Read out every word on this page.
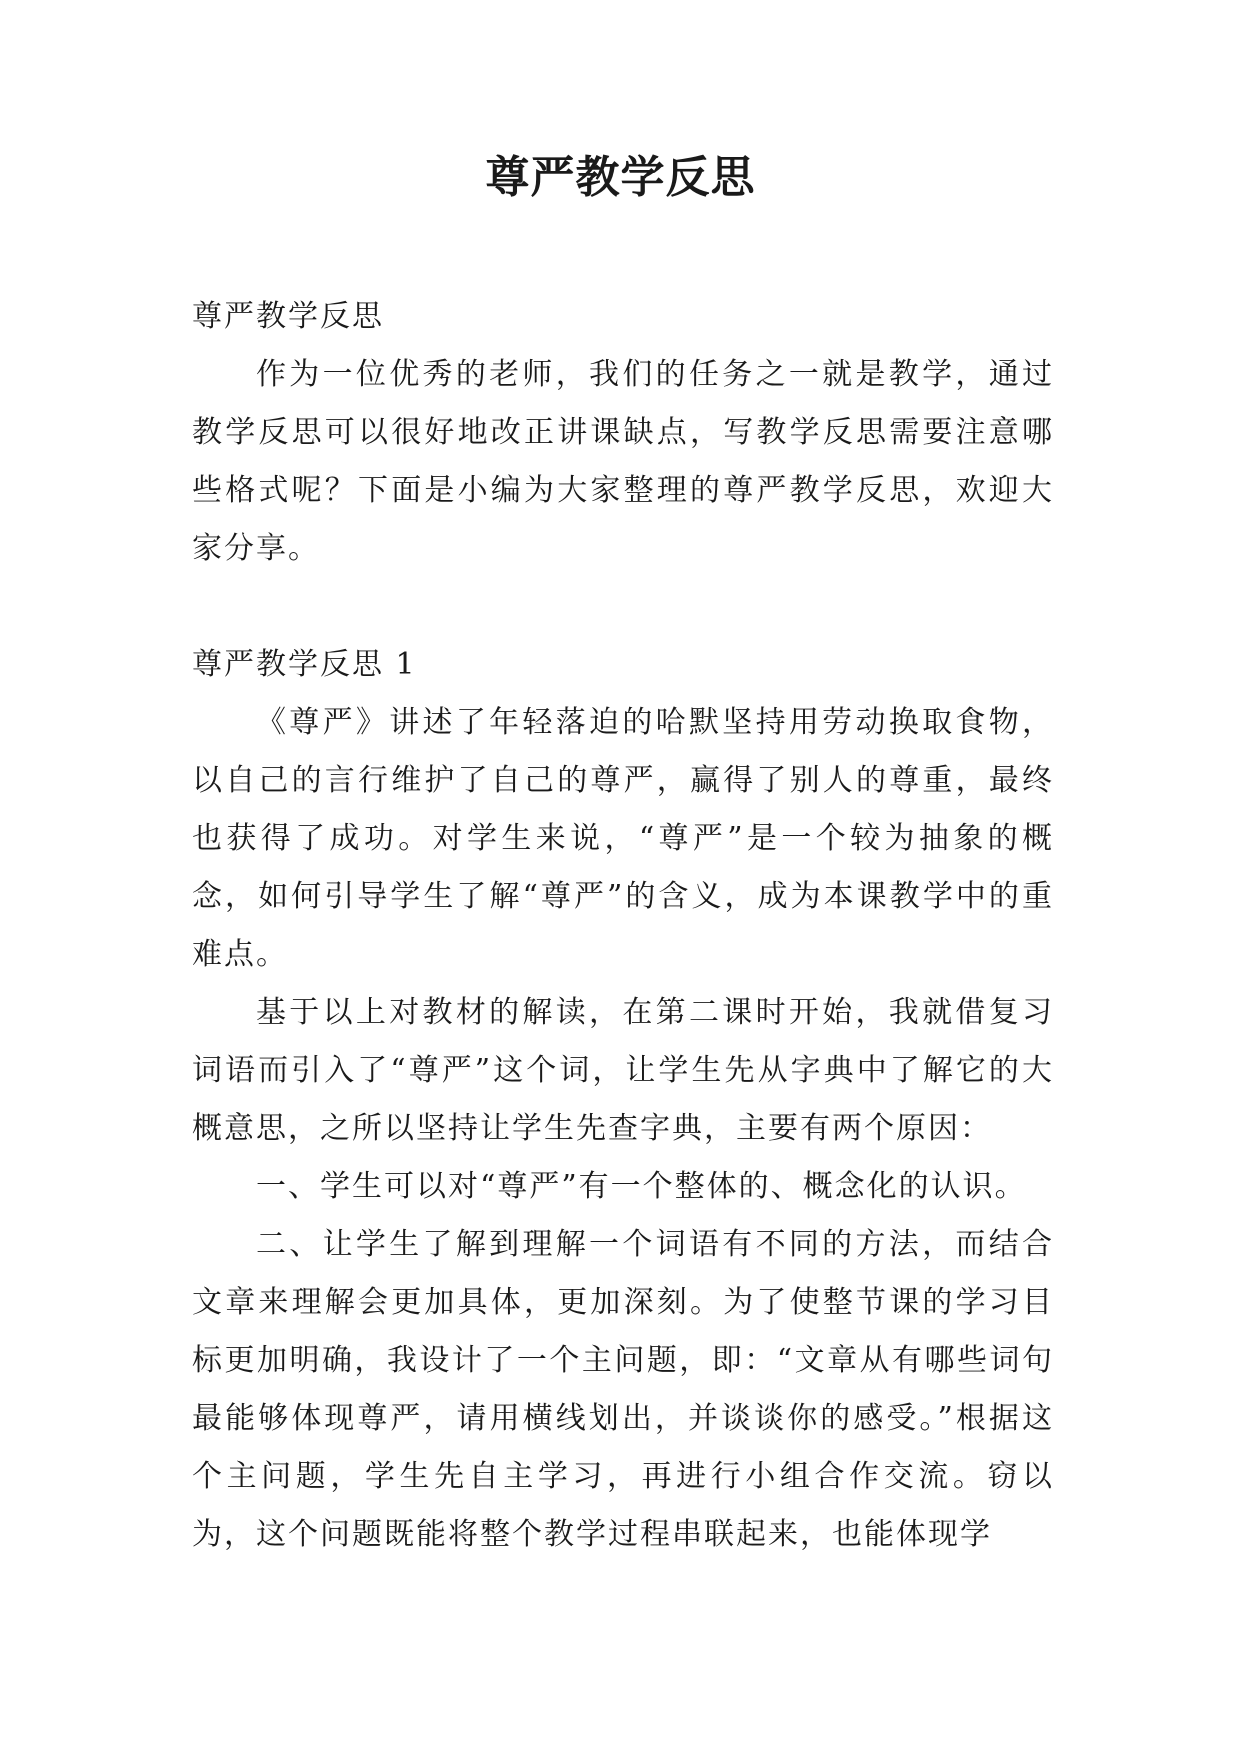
尊严教学反思

尊严教学反思

作为一位优秀的老师，我们的任务之一就是教学，通过教学反思可以很好地改正讲课缺点，写教学反思需要注意哪些格式呢？下面是小编为大家整理的尊严教学反思，欢迎大家分享。

尊严教学反思 1

《尊严》讲述了年轻落迫的哈默坚持用劳动换取食物，以自己的言行维护了自己的尊严，赢得了别人的尊重，最终也获得了成功。对学生来说，“尊严”是一个较为抽象的概念，如何引导学生了解“尊严”的含义，成为本课教学中的重难点。

基于以上对教材的解读，在第二课时开始，我就借复习词语而引入了“尊严”这个词，让学生先从字典中了解它的大概意思，之所以坚持让学生先查字典，主要有两个原因：

一、学生可以对“尊严”有一个整体的、概念化的认识。

二、让学生了解到理解一个词语有不同的方法，而结合文章来理解会更加具体，更加深刻。为了使整节课的学习目标更加明确，我设计了一个主问题，即：“文章从有哪些词句最能够体现尊严，请用横线划出，并谈谈你的感受。”根据这个主问题，学生先自主学习，再进行小组合作交流。窃以为，这个问题既能将整个教学过程串联起来，也能体现学
